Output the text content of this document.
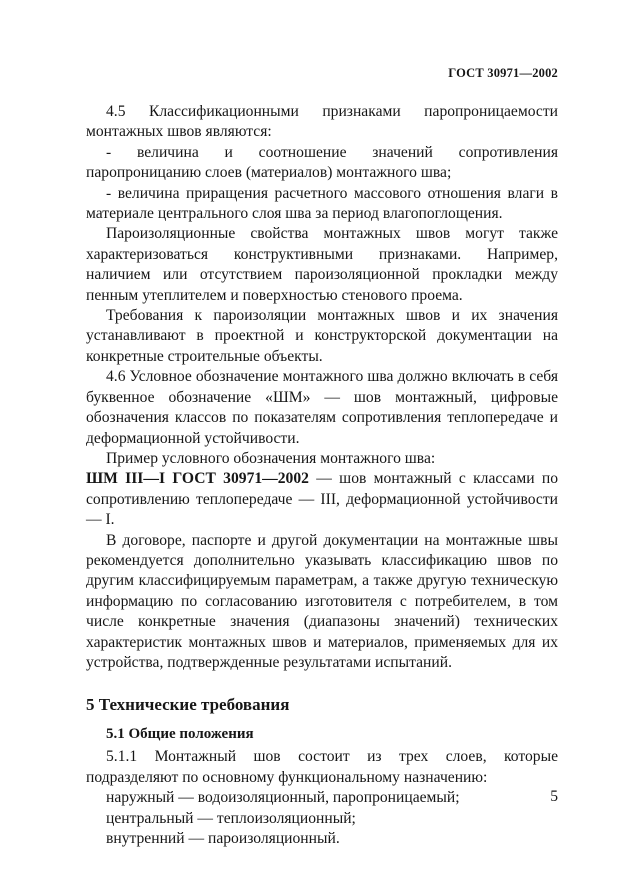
ГОСТ 30971—2002

4.5 Классификационными признаками паропроницаемости монтажных швов являются:

- величина и соотношение значений сопротивления паропроницанию слоев (материалов) монтажного шва;

- величина приращения расчетного массового отношения влаги в материале центрального слоя шва за период влагопоглощения.

Пароизоляционные свойства монтажных швов могут также характеризоваться конструктивными признаками. Например, наличием или отсутствием пароизоляционной прокладки между пенным утеплителем и поверхностью стенового проема.

Требования к пароизоляции монтажных швов и их значения устанавливают в проектной и конструкторской документации на конкретные строительные объекты.

4.6 Условное обозначение монтажного шва должно включать в себя буквенное обозначение «ШМ» — шов монтажный, цифровые обозначения классов по показателям сопротивления теплопередаче и деформационной устойчивости.

Пример условного обозначения монтажного шва:

ШМ III—I ГОСТ 30971—2002 — шов монтажный с классами по сопротивлению теплопередаче — III, деформационной устойчивости — I.

В договоре, паспорте и другой документации на монтажные швы рекомендуется дополнительно указывать классификацию швов по другим классифицируемым параметрам, а также другую техническую информацию по согласованию изготовителя с потребителем, в том числе конкретные значения (диапазоны значений) технических характеристик монтажных швов и материалов, применяемых для их устройства, подтвержденные результатами испытаний.

5 Технические требования
5.1 Общие положения

5.1.1 Монтажный шов состоит из трех слоев, которые подразделяют по основному функциональному назначению:

наружный — водоизоляционный, паропроницаемый;

центральный — теплоизоляционный;

внутренний — пароизоляционный.

5
